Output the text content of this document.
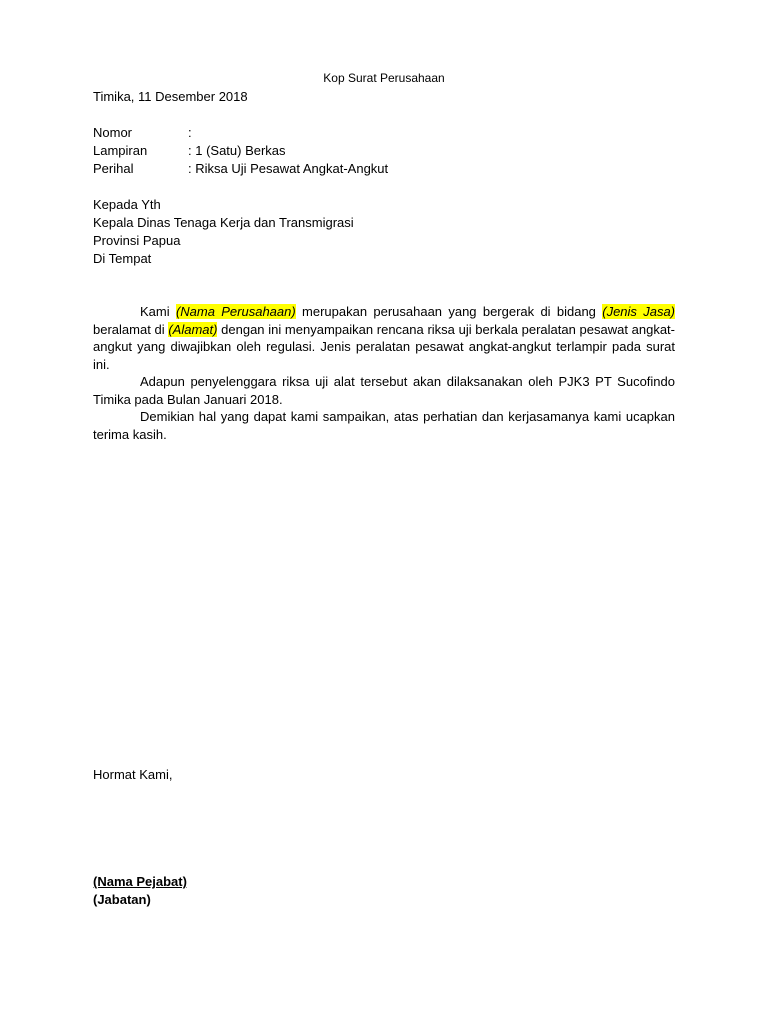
Kop Surat Perusahaan
Timika, 11 Desember 2018
Nomor	:
Lampiran	: 1 (Satu) Berkas
Perihal	: Riksa Uji Pesawat Angkat-Angkut
Kepada Yth
Kepala Dinas Tenaga Kerja dan Transmigrasi
Provinsi Papua
Di Tempat

Kami (Nama Perusahaan) merupakan perusahaan yang bergerak di bidang (Jenis Jasa) beralamat di (Alamat) dengan ini menyampaikan rencana riksa uji berkala peralatan pesawat angkat-angkut yang diwajibkan oleh regulasi. Jenis peralatan pesawat angkat-angkut terlampir pada surat ini.

Adapun penyelenggara riksa uji alat tersebut akan dilaksanakan oleh PJK3 PT Sucofindo Timika pada Bulan Januari 2018.

Demikian hal yang dapat kami sampaikan, atas perhatian dan kerjasamanya kami ucapkan terima kasih.

Hormat Kami,
(Nama Pejabat)
(Jabatan)
